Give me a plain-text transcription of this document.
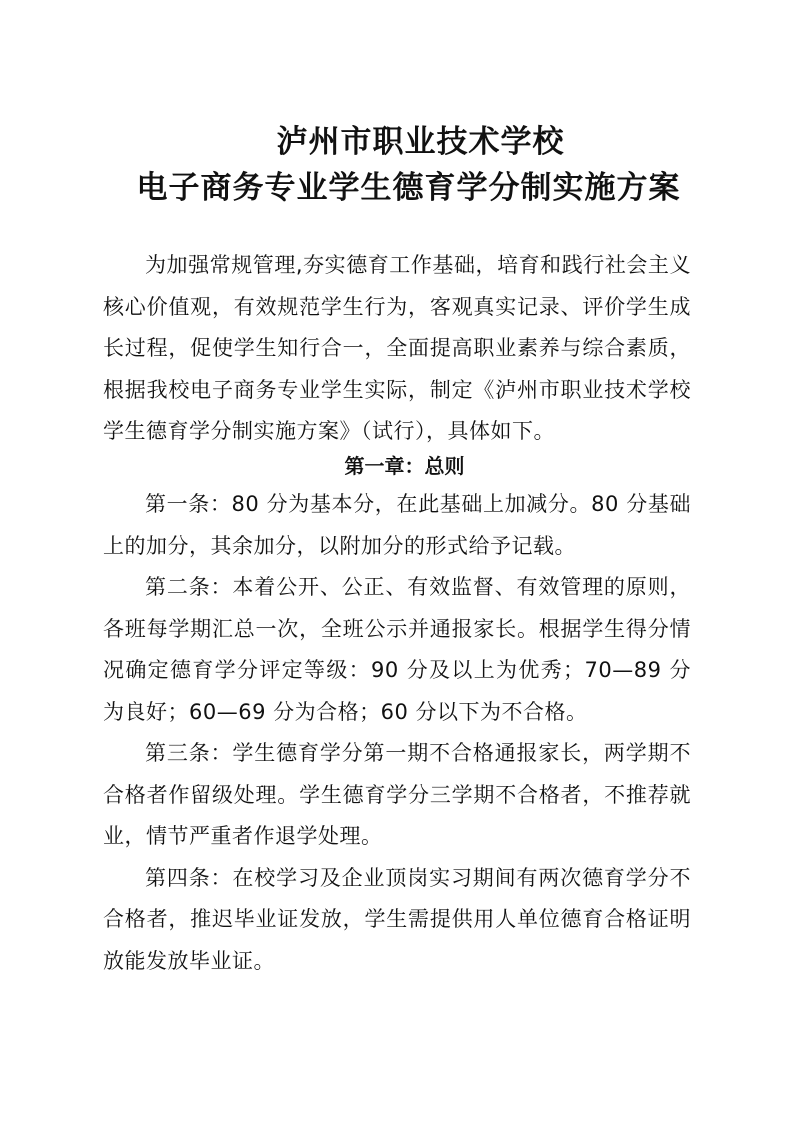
泸州市职业技术学校
电子商务专业学生德育学分制实施方案

为加强常规管理,夯实德育工作基础，培育和践行社会主义核心价值观，有效规范学生行为，客观真实记录、评价学生成长过程，促使学生知行合一，全面提高职业素养与综合素质，根据我校电子商务专业学生实际，制定《泸州市职业技术学校学生德育学分制实施方案》（试行），具体如下。

第一章：总则

第一条：80 分为基本分，在此基础上加减分。80 分基础上的加分，其余加分，以附加分的形式给予记载。

第二条：本着公开、公正、有效监督、有效管理的原则，各班每学期汇总一次，全班公示并通报家长。根据学生得分情况确定德育学分评定等级：90 分及以上为优秀；70—89 分为良好；60—69 分为合格；60 分以下为不合格。

第三条：学生德育学分第一期不合格通报家长，两学期不合格者作留级处理。学生德育学分三学期不合格者，不推荐就业，情节严重者作退学处理。

第四条：在校学习及企业顶岗实习期间有两次德育学分不合格者，推迟毕业证发放，学生需提供用人单位德育合格证明放能发放毕业证。
